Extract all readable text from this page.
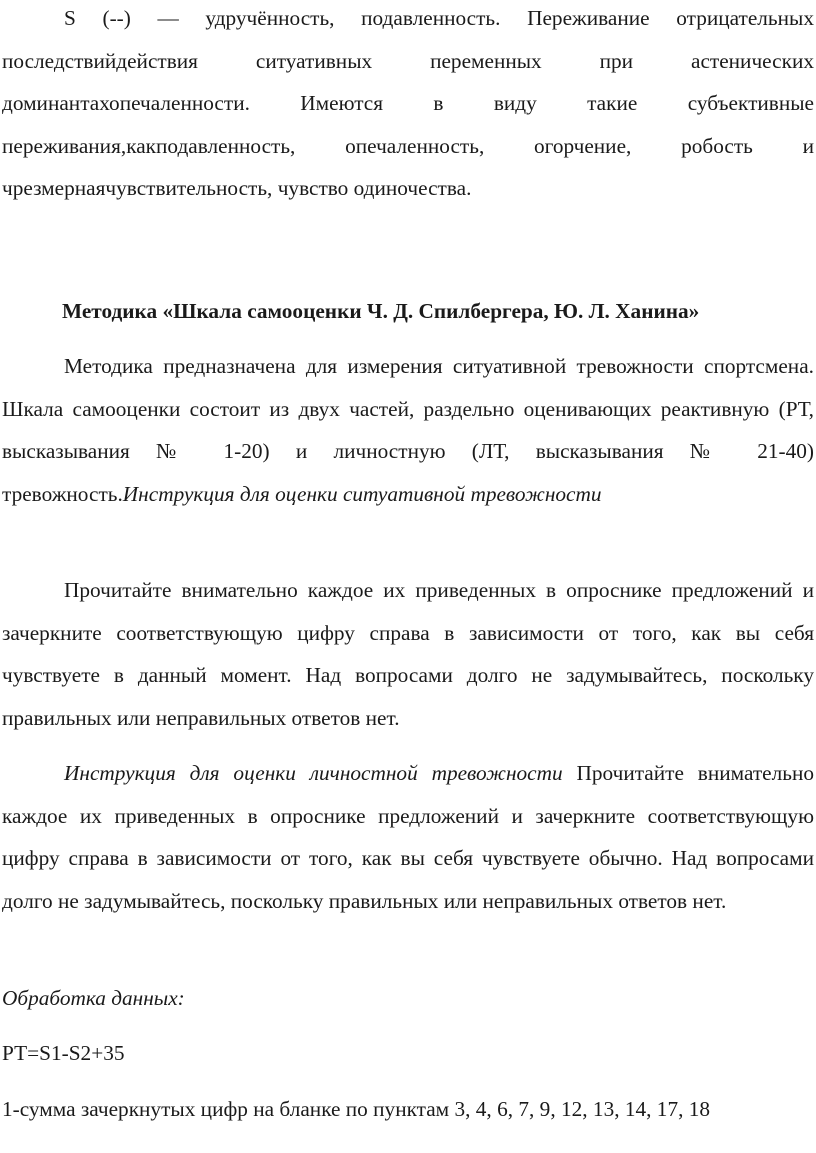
S (--) — удручённость, подавленность. Переживание отрицательных последствийдействия ситуативных переменных при астенических доминантахопечаленности. Имеются в виду такие субъективные переживания,какподавленность, опечаленность, огорчение, робость и чрезмернаячувствительность, чувство одиночества.

Методика «Шкала самооценки Ч. Д. Спилбергера, Ю. Л. Ханина»

Методика предназначена для измерения ситуативной тревожности спортсмена. Шкала самооценки состоит из двух частей, раздельно оценивающих реактивную (РТ, высказывания № 1-20) и личностную (ЛТ, высказывания № 21-40) тревожность.Инструкция для оценки ситуативной тревожности

Прочитайте внимательно каждое их приведенных в опроснике предложений и зачеркните соответствующую цифру справа в зависимости от того, как вы себя чувствуете в данный момент. Над вопросами долго не задумывайтесь, поскольку правильных или неправильных ответов нет.

Инструкция для оценки личностной тревожности Прочитайте внимательно каждое их приведенных в опроснике предложений и зачеркните соответствующую цифру справа в зависимости от того, как вы себя чувствуете обычно. Над вопросами долго не задумывайтесь, поскольку правильных или неправильных ответов нет.

Обработка данных:

РТ=S1-S2+35

1-сумма зачеркнутых цифр на бланке по пунктам 3, 4, 6, 7, 9, 12, 13, 14, 17, 18
